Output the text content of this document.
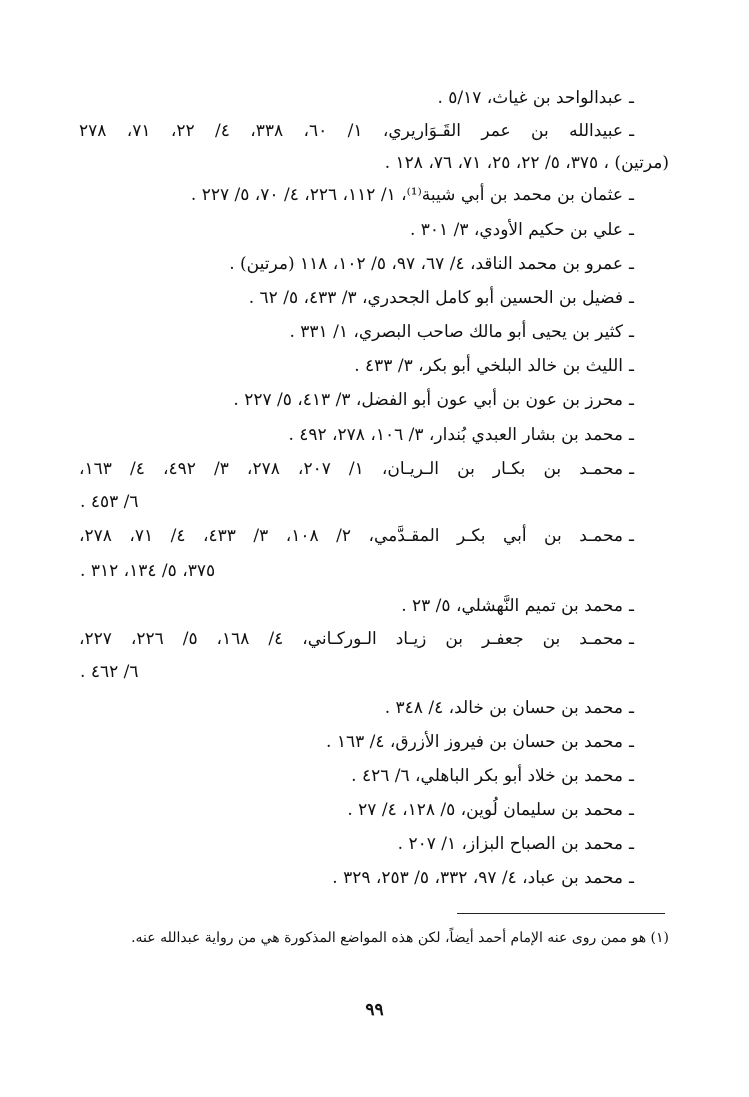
ـعبدالواحد بن غياث، ٥/١٧ .
ـعبيدالله بن عمر القَـوَاريري، ١/ ٦٠، ٣٣٨، ٤/ ٢٢، ٧١، ٢٧٨
(مرتين) ، ٣٧٥، ٥/ ٢٢، ٢٥، ٧١، ٧٦، ١٢٨ .
ـعثمان بن محمد بن أبي شيبة⁽¹⁾، ١/ ١١٢، ٢٢٦، ٤/ ٧٠، ٥/ ٢٢٧ .
ـعلي بن حكيم الأودي، ٣/ ٣٠١ .
ـعمرو بن محمد الناقد، ٤/ ٦٧، ٩٧، ٥/ ١٠٢، ١١٨ (مرتين) .
ـفضيل بن الحسين أبو كامل الجحدري، ٣/ ٤٣٣، ٥/ ٦٢ .
ـكثير بن يحيى أبو مالك صاحب البصري، ١/ ٣٣١ .
ـالليث بن خالد البلخي أبو بكر، ٣/ ٤٣٣ .
ـمحرز بن عون بن أبي عون أبو الفضل، ٣/ ٤١٣، ٥/ ٢٢٧ .
ـمحمد بن بشار العبدي بُندار، ٣/ ١٠٦، ٢٧٨، ٤٩٢ .
ـمحمـد بن بكـار بن الـريـان، ١/ ٢٠٧، ٢٧٨، ٣/ ٤٩٢، ٤/ ١٦٣،
٦/ ٤٥٣ .
ـمحمـد بن أبي بكـر المقـدَّمي، ٢/ ١٠٨، ٣/ ٤٣٣، ٤/ ٧١، ٢٧٨،
٣٧٥، ٥/ ١٣٤، ٣١٢ .
ـمحمد بن تميم النَّهشلي، ٥/ ٢٣ .
ـمحمـد بن جعفـر بن زيـاد الـوركـاني، ٤/ ١٦٨، ٥/ ٢٢٦، ٢٢٧،
٦/ ٤٦٢ .
ـمحمد بن حسان بن خالد، ٤/ ٣٤٨ .
ـمحمد بن حسان بن فيروز الأزرق، ٤/ ١٦٣ .
ـمحمد بن خلاد أبو بكر الباهلي، ٦/ ٤٢٦ .
ـمحمد بن سليمان لُوين، ٥/ ١٢٨، ٤/ ٢٧ .
ـمحمد بن الصباح البزاز، ١/ ٢٠٧ .
ـمحمد بن عباد، ٤/ ٩٧، ٣٣٢، ٥/ ٢٥٣، ٣٢٩ .
(١) هو ممن روى عنه الإمام أحمد أيضاً، لكن هذه المواضع المذكورة هي من رواية عبدالله عنه.
٩٩
